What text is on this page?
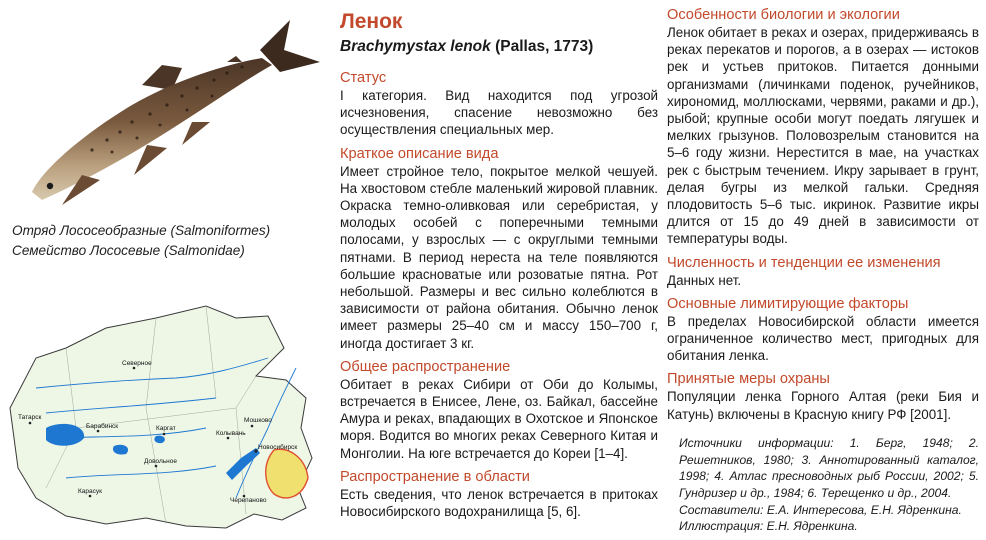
Отряд Лососеобразные (Salmoniformes)
Семейство Лососевые (Salmonidae)
Северное
Татарск
Барабинск	Каргат
Колывань
Мошково
Новосибирск
Довольное
Черепаново
Карасук
Ленок
Brachymystax lenok (Pallas, 1773)
Статус

I категория. Вид находится под угрозой исчезновения, спасение невозможно без осуществления специальных мер.

Краткое описание вида

Имеет стройное тело, покрытое мелкой чешуей. На хвостовом стебле маленький жировой плавник. Окраска темно-оливковая или серебристая, у молодых особей с поперечными темными полосами, у взрослых — с округлыми темными пятнами. В период нереста на теле появляются большие красноватые или розоватые пятна. Рот небольшой. Размеры и вес сильно колеблются в зависимости от района обитания. Обычно ленок имеет размеры 25–40 см и массу 150–700 г, иногда достигает 3 кг.

Общее распространение

Обитает в реках Сибири от Оби до Колымы, встречается в Енисее, Лене, оз. Байкал, бассейне Амура и реках, впадающих в Охотское и Японское моря. Водится во многих реках Северного Китая и Монголии. На юге встречается до Кореи [1–4].

Распространение в области

Есть сведения, что ленок встречается в притоках Новосибирского водохранилища [5, 6].

Особенности биологии и экологии

Ленок обитает в реках и озерах, придерживаясь в реках перекатов и порогов, а в озерах — истоков рек и устьев притоков. Питается донными организмами (личинками поденок, ручейников, хирономид, моллюсками, червями, раками и др.), рыбой; крупные особи могут поедать лягушек и мелких грызунов. Половозрелым становится на 5–6 году жизни. Нерестится в мае, на участках рек с быстрым течением. Икру зарывает в грунт, делая бугры из мелкой гальки. Средняя плодовитость 5–6 тыс. икринок. Развитие икры длится от 15 до 49 дней в зависимости от температуры воды.

Численность и тенденции ее изменения

Данных нет.

Основные лимитирующие факторы

В пределах Новосибирской области имеется ограниченное количество мест, пригодных для обитания ленка.

Принятые меры охраны

Популяции ленка Горного Алтая (реки Бия и Катунь) включены в Красную книгу РФ [2001].

Источники информации: 1. Берг, 1948; 2. Решетников, 1980; 3. Аннотированный каталог, 1998; 4. Атлас пресноводных рыб России, 2002; 5. Гундризер и др., 1984; 6. Терещенко и др., 2004.
Составители: Е.А. Интересова, Е.Н. Ядренкина.
Иллюстрация: Е.Н. Ядренкина.
